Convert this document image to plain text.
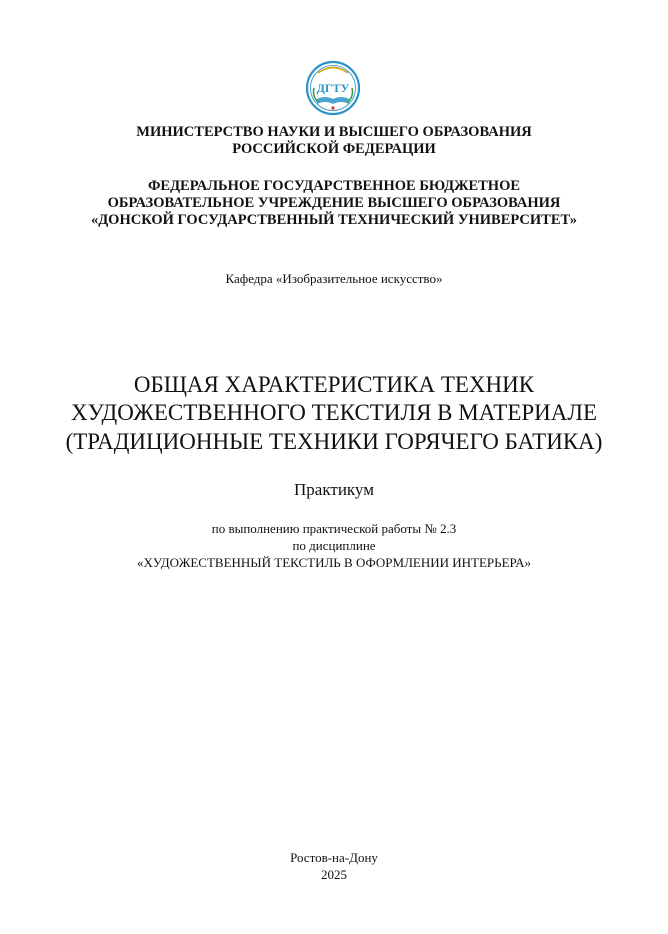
ДГТУ
МИНИСТЕРСТВО НАУКИ И ВЫСШЕГО ОБРАЗОВАНИЯ
РОССИЙСКОЙ ФЕДЕРАЦИИ
ФЕДЕРАЛЬНОЕ ГОСУДАРСТВЕННОЕ БЮДЖЕТНОЕ
ОБРАЗОВАТЕЛЬНОЕ УЧРЕЖДЕНИЕ ВЫСШЕГО ОБРАЗОВАНИЯ
«ДОНСКОЙ ГОСУДАРСТВЕННЫЙ ТЕХНИЧЕСКИЙ УНИВЕРСИТЕТ»
Кафедра «Изобразительное искусство»
ОБЩАЯ ХАРАКТЕРИСТИКА ТЕХНИК
ХУДОЖЕСТВЕННОГО ТЕКСТИЛЯ В МАТЕРИАЛЕ
(ТРАДИЦИОННЫЕ ТЕХНИКИ ГОРЯЧЕГО БАТИКА)
Практикум
по выполнению практической работы № 2.3
по дисциплине
«ХУДОЖЕСТВЕННЫЙ ТЕКСТИЛЬ В ОФОРМЛЕНИИ ИНТЕРЬЕРА»
Ростов-на-Дону
2025
